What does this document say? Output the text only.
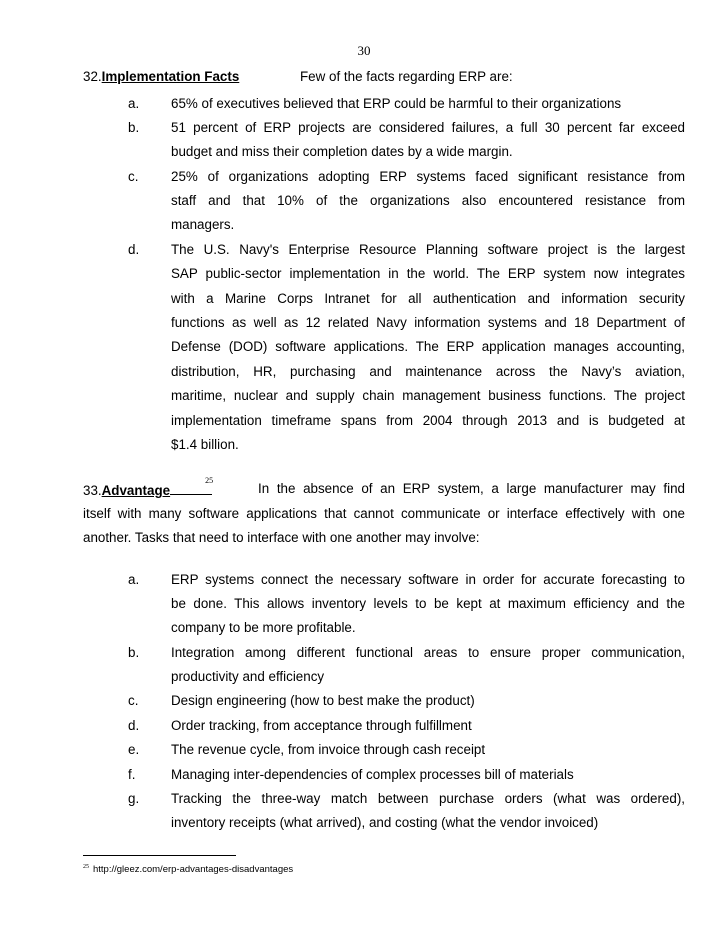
30
32.Implementation Facts	Few of the facts regarding ERP are:
a. 65% of executives believed that ERP could be harmful to their organizations
b. 51 percent of ERP projects are considered failures, a full 30 percent far exceed
budget and miss their completion dates by a wide margin.
c. 25% of organizations adopting ERP systems faced significant resistance from
staff and that 10% of the organizations also encountered resistance from
managers.
d. The U.S. Navy's Enterprise Resource Planning software project is the largest
SAP public-sector implementation in the world. The ERP system now integrates
with a Marine Corps Intranet for all authentication and information security
functions as well as 12 related Navy information systems and 18 Department of
Defense (DOD) software applications. The ERP application manages accounting,
distribution, HR, purchasing and maintenance across the Navy’s aviation,
maritime, nuclear and supply chain management business functions. The project
implementation timeframe spans from 2004 through 2013 and is budgeted at
$1.4 billion.
33.Advantage
25
In the absence of an ERP system, a large manufacturer may find
itself with many software applications that cannot communicate or interface effectively with one
another. Tasks that need to interface with one another may involve:
a. ERP systems connect the necessary software in order for accurate forecasting to
be done. This allows inventory levels to be kept at maximum efficiency and the
company to be more profitable.
b. Integration among different functional areas to ensure proper communication,
productivity and efficiency
c. Design engineering (how to best make the product)
d. Order tracking, from acceptance through fulfillment
e. The revenue cycle, from invoice through cash receipt
f.	Managing inter-dependencies of complex processes bill of materials
g. Tracking the three-way match between purchase orders (what was ordered),
inventory receipts (what arrived), and costing (what the vendor invoiced)
$^{25}$ http://gleez.com/erp-advantages-disadvantages
